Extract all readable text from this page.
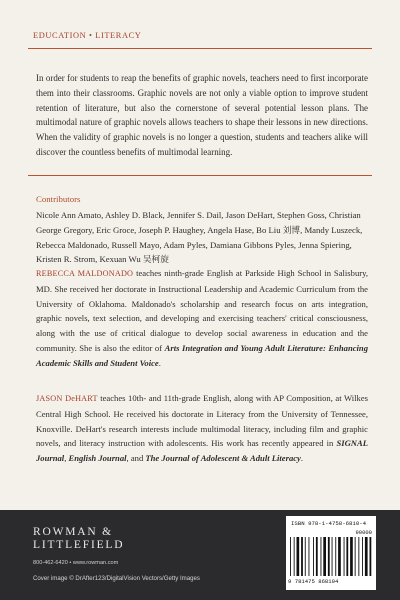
EDUCATION • LITERACY

In order for students to reap the benefits of graphic novels, teachers need to first incorporate them into their classrooms. Graphic novels are not only a viable option to improve student retention of literature, but also the cornerstone of several potential lesson plans. The multimodal nature of graphic novels allows teachers to shape their lessons in new directions. When the validity of graphic novels is no longer a question, students and teachers alike will discover the countless benefits of multimodal learning.

Contributors

Nicole Ann Amato, Ashley D. Black, Jennifer S. Dail, Jason DeHart, Stephen Goss, Christian George Gregory, Eric Groce, Joseph P. Haughey, Angela Hase, Bo Liu 刘博, Mandy Luszeck, Rebecca Maldonado, Russell Mayo, Adam Pyles, Damiana Gibbons Pyles, Jenna Spiering, Kristen R. Strom, Kexuan Wu 吴柯旋

REBECCA MALDONADO teaches ninth-grade English at Parkside High School in Salisbury, MD. She received her doctorate in Instructional Leadership and Academic Curriculum from the University of Oklahoma. Maldonado's scholarship and research focus on arts integration, graphic novels, text selection, and developing and exercising teachers' critical consciousness, along with the use of critical dialogue to develop social awareness in education and the community. She is also the editor of Arts Integration and Young Adult Literature: Enhancing Academic Skills and Student Voice.

JASON DeHART teaches 10th- and 11th-grade English, along with AP Composition, at Wilkes Central High School. He received his doctorate in Literacy from the University of Tennessee, Knoxville. DeHart's research interests include multimodal literacy, including film and graphic novels, and literacy instruction with adolescents. His work has recently appeared in SIGNAL Journal, English Journal, and The Journal of Adolescent & Adult Literacy.

ROWMAN &
LITTLEFIELD
800-462-6420 • www.rowman.com
Cover image © DrAfter123/DigitalVision Vectors/Getty Images
ISBN 978-1-4758-6810-4
90000
9 781475 868104
